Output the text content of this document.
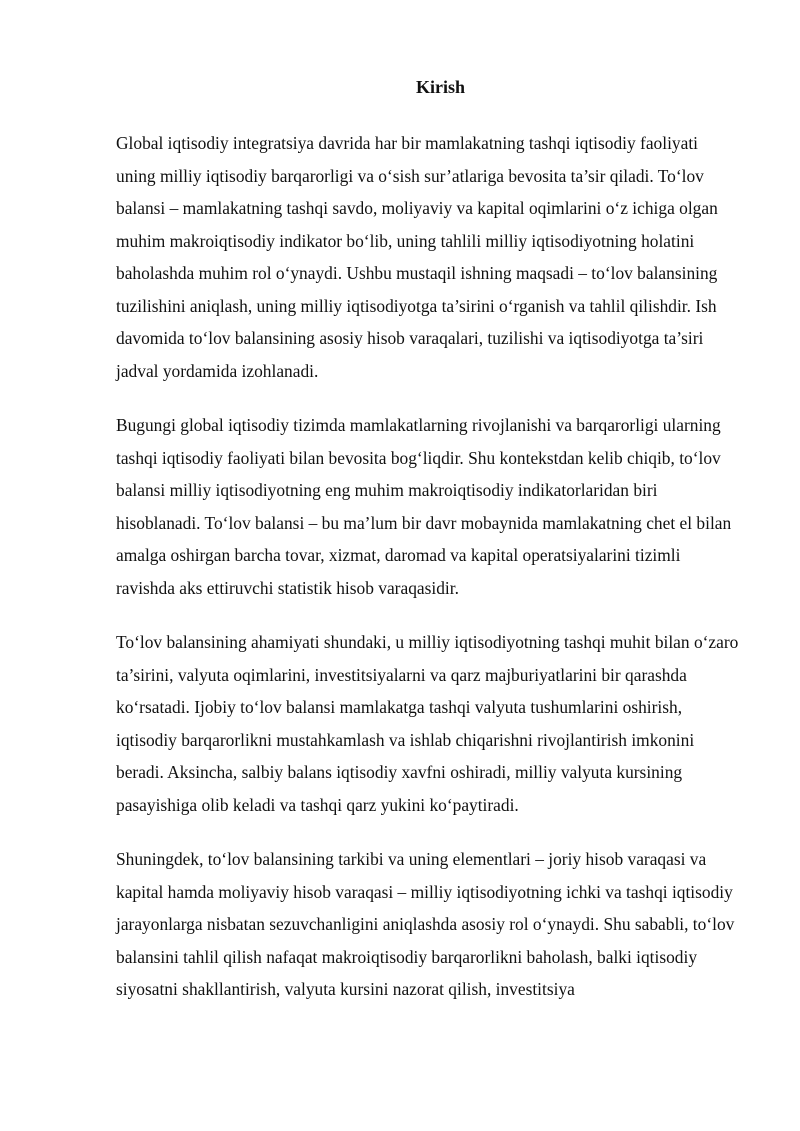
Kirish

Global iqtisodiy integratsiya davrida har bir mamlakatning tashqi iqtisodiy faoliyati uning milliy iqtisodiy barqarorligi va o‘sish sur’atlariga bevosita ta’sir qiladi. To‘lov balansi – mamlakatning tashqi savdo, moliyaviy va kapital oqimlarini o‘z ichiga olgan muhim makroiqtisodiy indikator bo‘lib, uning tahlili milliy iqtisodiyotning holatini baholashda muhim rol o‘ynaydi. Ushbu mustaqil ishning maqsadi – to‘lov balansining tuzilishini aniqlash, uning milliy iqtisodiyotga ta’sirini o‘rganish va tahlil qilishdir. Ish davomida to‘lov balansining asosiy hisob varaqalari, tuzilishi va iqtisodiyotga ta’siri jadval yordamida izohlanadi.

Bugungi global iqtisodiy tizimda mamlakatlarning rivojlanishi va barqarorligi ularning tashqi iqtisodiy faoliyati bilan bevosita bog‘liqdir. Shu kontekstdan kelib chiqib, to‘lov balansi milliy iqtisodiyotning eng muhim makroiqtisodiy indikatorlaridan biri hisoblanadi. To‘lov balansi – bu ma’lum bir davr mobaynida mamlakatning chet el bilan amalga oshirgan barcha tovar, xizmat, daromad va kapital operatsiyalarini tizimli ravishda aks ettiruvchi statistik hisob varaqasidir.

To‘lov balansining ahamiyati shundaki, u milliy iqtisodiyotning tashqi muhit bilan o‘zaro ta’sirini, valyuta oqimlarini, investitsiyalarni va qarz majburiyatlarini bir qarashda ko‘rsatadi. Ijobiy to‘lov balansi mamlakatga tashqi valyuta tushumlarini oshirish, iqtisodiy barqarorlikni mustahkamlash va ishlab chiqarishni rivojlantirish imkonini beradi. Aksincha, salbiy balans iqtisodiy xavfni oshiradi, milliy valyuta kursining pasayishiga olib keladi va tashqi qarz yukini ko‘paytiradi.

Shuningdek, to‘lov balansining tarkibi va uning elementlari – joriy hisob varaqasi va kapital hamda moliyaviy hisob varaqasi – milliy iqtisodiyotning ichki va tashqi iqtisodiy jarayonlarga nisbatan sezuvchanligini aniqlashda asosiy rol o‘ynaydi. Shu sababli, to‘lov balansini tahlil qilish nafaqat makroiqtisodiy barqarorlikni baholash, balki iqtisodiy siyosatni shakllantirish, valyuta kursini nazorat qilish, investitsiya
